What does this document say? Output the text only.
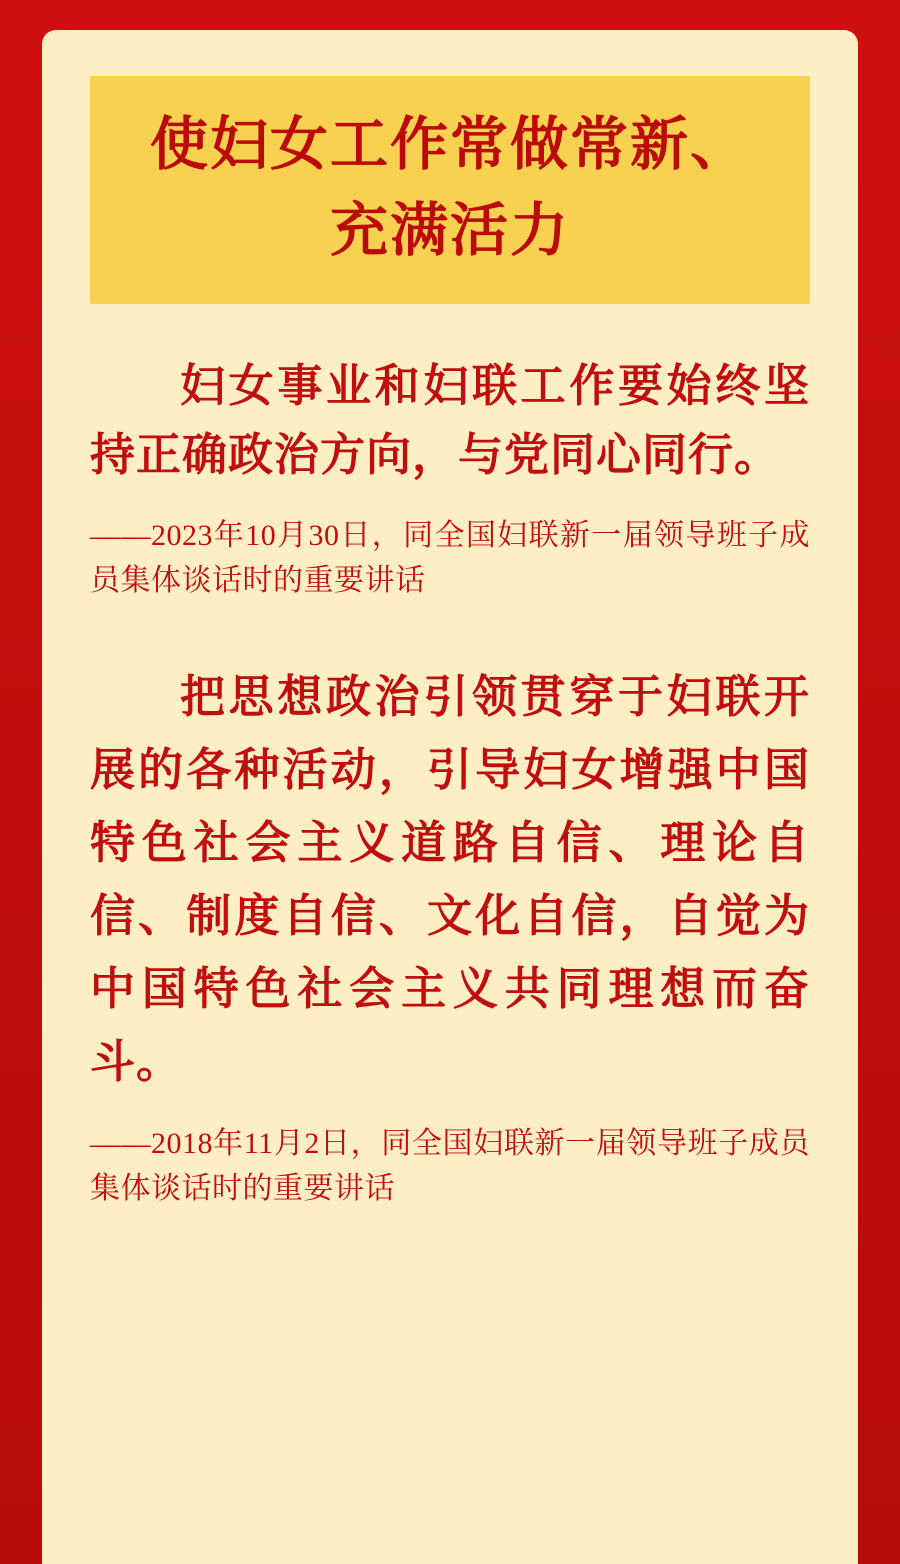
使妇女工作常做常新、
充满活力
妇女事业和妇联工作要始终坚持正确政治方向，与党同心同行。
——2023年10月30日，同全国妇联新一届领导班子成员集体谈话时的重要讲话
把思想政治引领贯穿于妇联开展的各种活动，引导妇女增强中国特色社会主义道路自信、理论自信、制度自信、文化自信，自觉为中国特色社会主义共同理想而奋斗。
——2018年11月2日，同全国妇联新一届领导班子成员集体谈话时的重要讲话
